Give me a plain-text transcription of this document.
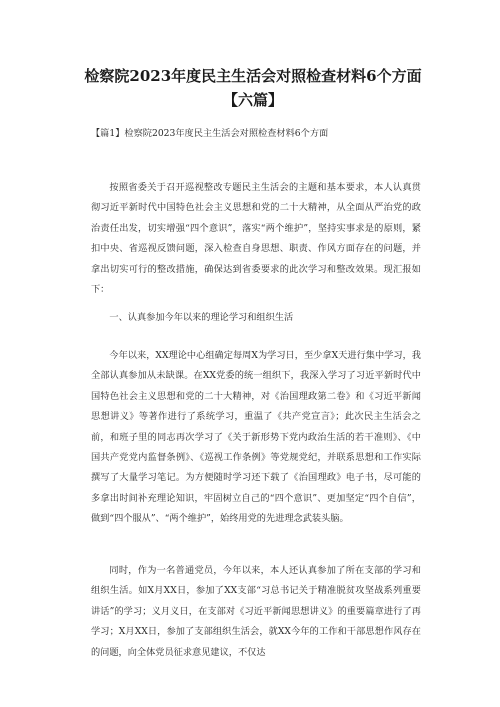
检察院2023年度民主生活会对照检查材料6个方面【六篇】
【篇1】检察院2023年度民主生活会对照检查材料6个方面

按照省委关于召开巡视整改专题民主生活会的主题和基本要求，本人认真贯彻习近平新时代中国特色社会主义思想和党的二十大精神，从全面从严治党的政治责任出发，切实增强“四个意识”，落实“两个维护”，坚持实事求是的原则，紧扣中央、省巡视反馈问题，深入检查自身思想、职责、作风方面存在的问题，并拿出切实可行的整改措施，确保达到省委要求的此次学习和整改效果。现汇报如下：

一、认真参加今年以来的理论学习和组织生活

今年以来，XX理论中心组确定每周X为学习日，至少拿X天进行集中学习，我全部认真参加从未缺课。在XX党委的统一组织下，我深入学习了习近平新时代中国特色社会主义思想和党的二十大精神，对《治国理政第二卷》和《习近平新闻思想讲义》等著作进行了系统学习，重温了《共产党宣言》；此次民主生活会之前，和班子里的同志再次学习了《关于新形势下党内政治生活的若干准则》、《中国共产党党内监督条例》、《巡视工作条例》等党规党纪，并联系思想和工作实际撰写了大量学习笔记。为方便随时学习还下载了《治国理政》电子书，尽可能的多拿出时间补充理论知识，牢固树立自己的“四个意识”、更加坚定“四个自信”，做到“四个服从”、“两个维护”，始终用党的先进理念武装头脑。

同时，作为一名普通党员，今年以来，本人还认真参加了所在支部的学习和组织生活。如X月XX日，参加了XX支部“习总书记关于精准脱贫攻坚战系列重要讲话”的学习；义月义日，在支部对《习近平新闻思想讲义》的重要篇章进行了再学习；X月XX日，参加了支部组织生活会，就XX今年的工作和干部思想作风存在的问题，向全体党员征求意见建议，不仅达
